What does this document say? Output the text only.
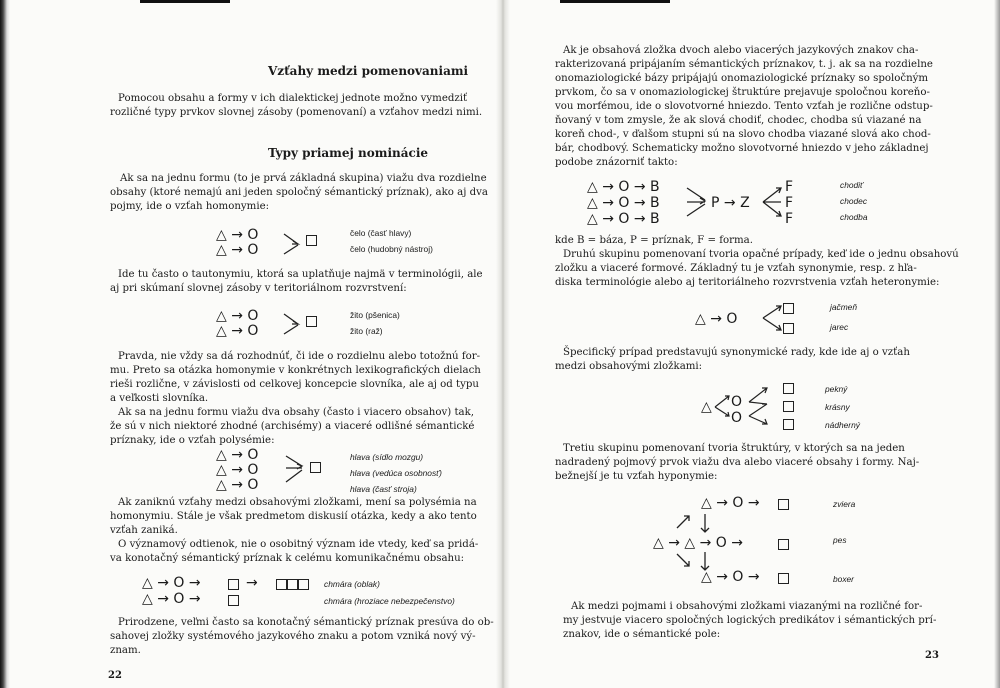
Vzťahy medzi pomenovaniami
Pomocou obsahu a formy v ich dialektickej jednote možno vymedziť
rozličné typy prvkov slovnej zásoby (pomenovaní) a vzťahov medzi nimi.
Typy priamej nominácie
Ak sa na jednu formu (to je prvá základná skupina) viažu dva rozdielne
obsahy (ktoré nemajú ani jeden spoločný sémantický príznak), ako aj dva
pojmy, ide o vzťah homonymie:
△ → O
△ → O
čelo (časť hlavy)
čelo (hudobný nástroj)
Ide tu často o tautonymiu, ktorá sa uplatňuje najmä v terminológii, ale
aj pri skúmaní slovnej zásoby v teritoriálnom rozvrstvení:
△ → O
△ → O
žito (pšenica)
žito (raž)
Pravda, nie vždy sa dá rozhodnúť, či ide o rozdielnu alebo totožnú for-
mu. Preto sa otázka homonymie v konkrétnych lexikografických dielach
rieši rozlične, v závislosti od celkovej koncepcie slovníka, ale aj od typu
a veľkosti slovníka.
Ak sa na jednu formu viažu dva obsahy (často i viacero obsahov) tak,
že sú v nich niektoré zhodné (archisémy) a viaceré odlišné sémantické
príznaky, ide o vzťah polysémie:
△ → O
△ → O
△ → O
hlava (sídlo mozgu)
hlava (vedúca osobnosť)
hlava (časť stroja)
Ak zaniknú vzťahy medzi obsahovými zložkami, mení sa polysémia na
homonymiu. Stále je však predmetom diskusií otázka, kedy a ako tento
vzťah zaniká.
O významový odtienok, nie o osobitný význam ide vtedy, keď sa pridá-
va konotačný sémantický príznak k celému komunikačnému obsahu:
△ → O →
△ → O →
→	chmára (oblak)
chmára (hroziace nebezpečenstvo)
Prirodzene, veľmi často sa konotačný sémantický príznak presúva do ob-
sahovej zložky systémového jazykového znaku a potom vzniká nový vý-
znam.
22
Ak je obsahová zložka dvoch alebo viacerých jazykových znakov cha-
rakterizovaná pripájaním sémantických príznakov, t. j. ak sa na rozdielne
onomaziologické bázy pripájajú onomaziologické príznaky so spoločným
prvkom, čo sa v onomaziologickej štruktúre prejavuje spoločnou koreňo-
vou morfémou, ide o slovotvorné hniezdo. Tento vzťah je rozlične odstup-
ňovaný v tom zmysle, že ak slová chodiť, chodec, chodba sú viazané na
koreň chod-, v ďalšom stupni sú na slovo chodba viazané slová ako chod-
bár, chodbový. Schematicky možno slovotvorné hniezdo v jeho základnej
podobe znázorniť takto:
△ → O → B
△ → O → B
△ → O → B
P → Z
F
F
F
chodiť
chodec
chodba
kde B = báza, P = príznak, F = forma.
Druhú skupinu pomenovaní tvoria opačné prípady, keď ide o jednu obsahovú
zložku a viaceré formové. Základný tu je vzťah synonymie, resp. z hľa-
diska terminológie alebo aj teritoriálneho rozvrstvenia vzťah heteronymie:
△ → O
jačmeň
jarec
Špecifický prípad predstavujú synonymické rady, kde ide aj o vzťah
medzi obsahovými zložkami:
△ O
O
pekný
krásny
nádherný
Tretiu skupinu pomenovaní tvoria štruktúry, v ktorých sa na jeden
nadradený pojmový prvok viažu dva alebo viaceré obsahy i formy. Naj-
bežnejší je tu vzťah hyponymie:
△ → O →
△ → △ → O →
△ → O →
zviera
pes
boxer
Ak medzi pojmami i obsahovými zložkami viazanými na rozličné for-
my jestvuje viacero spoločných logických predikátov i sémantických prí-
znakov, ide o sémantické pole:
23
